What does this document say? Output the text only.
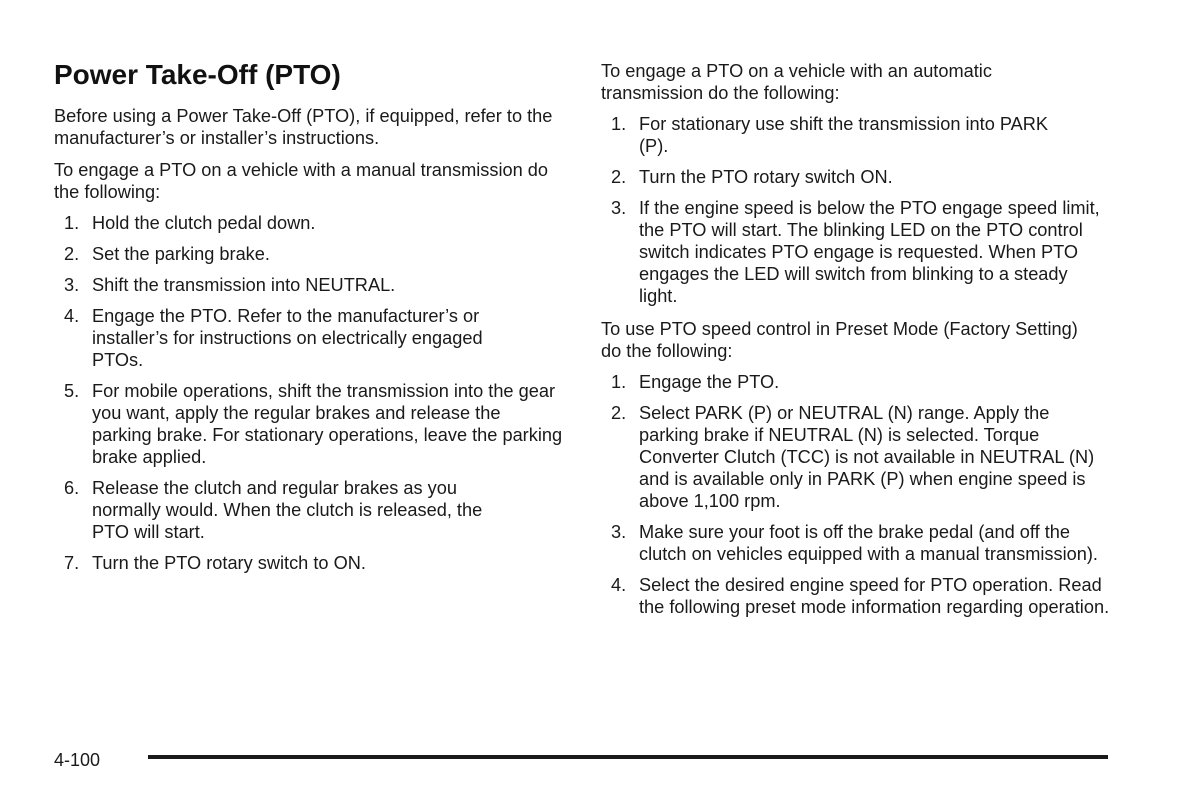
Power Take-Off (PTO)

Before using a Power Take-Off (PTO), if equipped, refer to the manufacturer’s or installer’s instructions.

To engage a PTO on a vehicle with a manual transmission do the following:

1. Hold the clutch pedal down.
2. Set the parking brake.
3. Shift the transmission into NEUTRAL.
4. Engage the PTO. Refer to the manufacturer’s or installer’s for instructions on electrically engaged PTOs.
5. For mobile operations, shift the transmission into the gear you want, apply the regular brakes and release the parking brake. For stationary operations, leave the parking brake applied.
6. Release the clutch and regular brakes as you normally would. When the clutch is released, the PTO will start.
7. Turn the PTO rotary switch to ON.

To engage a PTO on a vehicle with an automatic transmission do the following:

1. For stationary use shift the transmission into PARK (P).
2. Turn the PTO rotary switch ON.
3. If the engine speed is below the PTO engage speed limit, the PTO will start. The blinking LED on the PTO control switch indicates PTO engage is requested. When PTO engages the LED will switch from blinking to a steady light.

To use PTO speed control in Preset Mode (Factory Setting) do the following:

1. Engage the PTO.
2. Select PARK (P) or NEUTRAL (N) range. Apply the parking brake if NEUTRAL (N) is selected. Torque Converter Clutch (TCC) is not available in NEUTRAL (N) and is available only in PARK (P) when engine speed is above 1,100 rpm.
3. Make sure your foot is off the brake pedal (and off the clutch on vehicles equipped with a manual transmission).
4. Select the desired engine speed for PTO operation. Read the following preset mode information regarding operation.
4-100
